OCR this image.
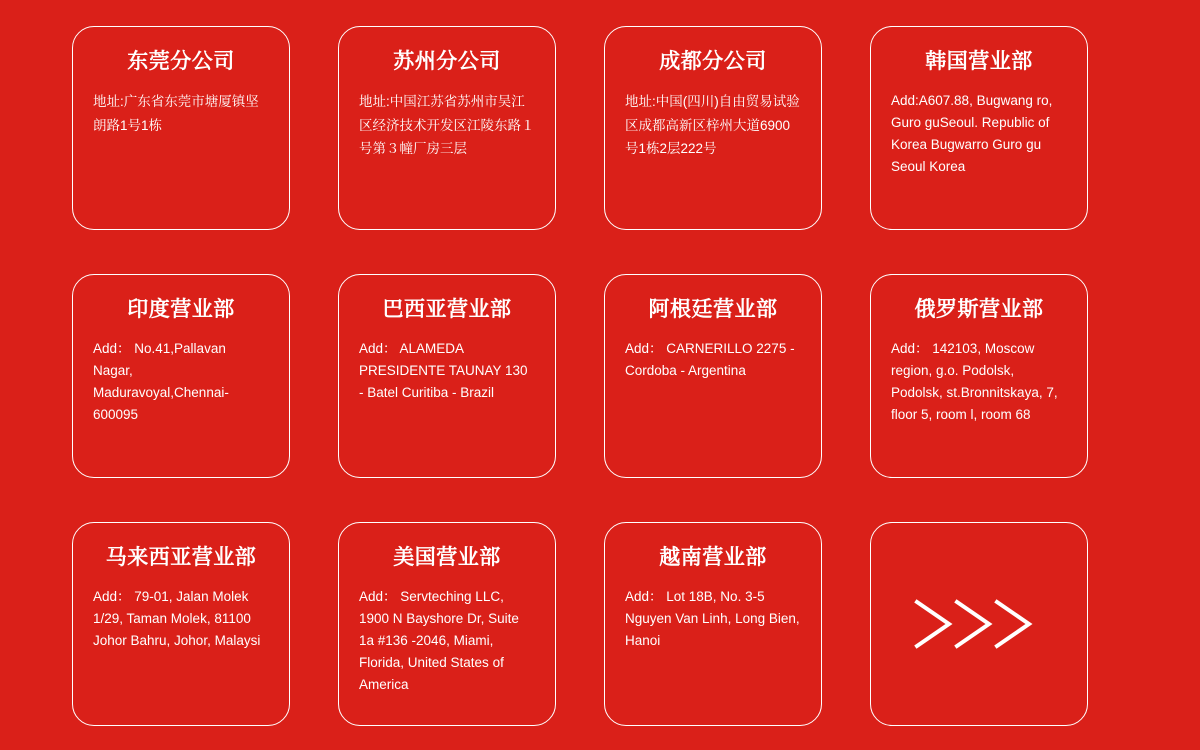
东莞分公司
地址:广东省东莞市塘厦镇坚朗路1号1栋
苏州分公司
地址:中国江苏省苏州市吴江区经济技术开发区江陵东路１号第３幢厂房三层
成都分公司
地址:中国(四川)自由贸易试验区成都高新区梓州大道6900号1栋2层222号
韩国营业部
Add:A607.88, Bugwang ro, Guro guSeoul. Republic of Korea Bugwarro Guro gu Seoul Korea
印度营业部
Add： No.41,Pallavan Nagar, Maduravoyal,Chennai-600095
巴西亚营业部
Add： ALAMEDA PRESIDENTE TAUNAY 130 - Batel Curitiba - Brazil
阿根廷营业部
Add： CARNERILLO 2275 - Cordoba - Argentina
俄罗斯营业部
Add： 142103, Moscow region, g.o. Podolsk, Podolsk, st.Bronnitskaya, 7, floor 5, room l, room 68
马来西亚营业部
Add： 79-01, Jalan Molek 1/29, Taman Molek, 81100 Johor Bahru, Johor, Malaysi
美国营业部
Add： Servteching LLC, 1900 N Bayshore Dr, Suite 1a #136 -2046, Miami, Florida, United States of America
越南营业部
Add： Lot 18B, No. 3-5 Nguyen Van Linh, Long Bien, Hanoi
